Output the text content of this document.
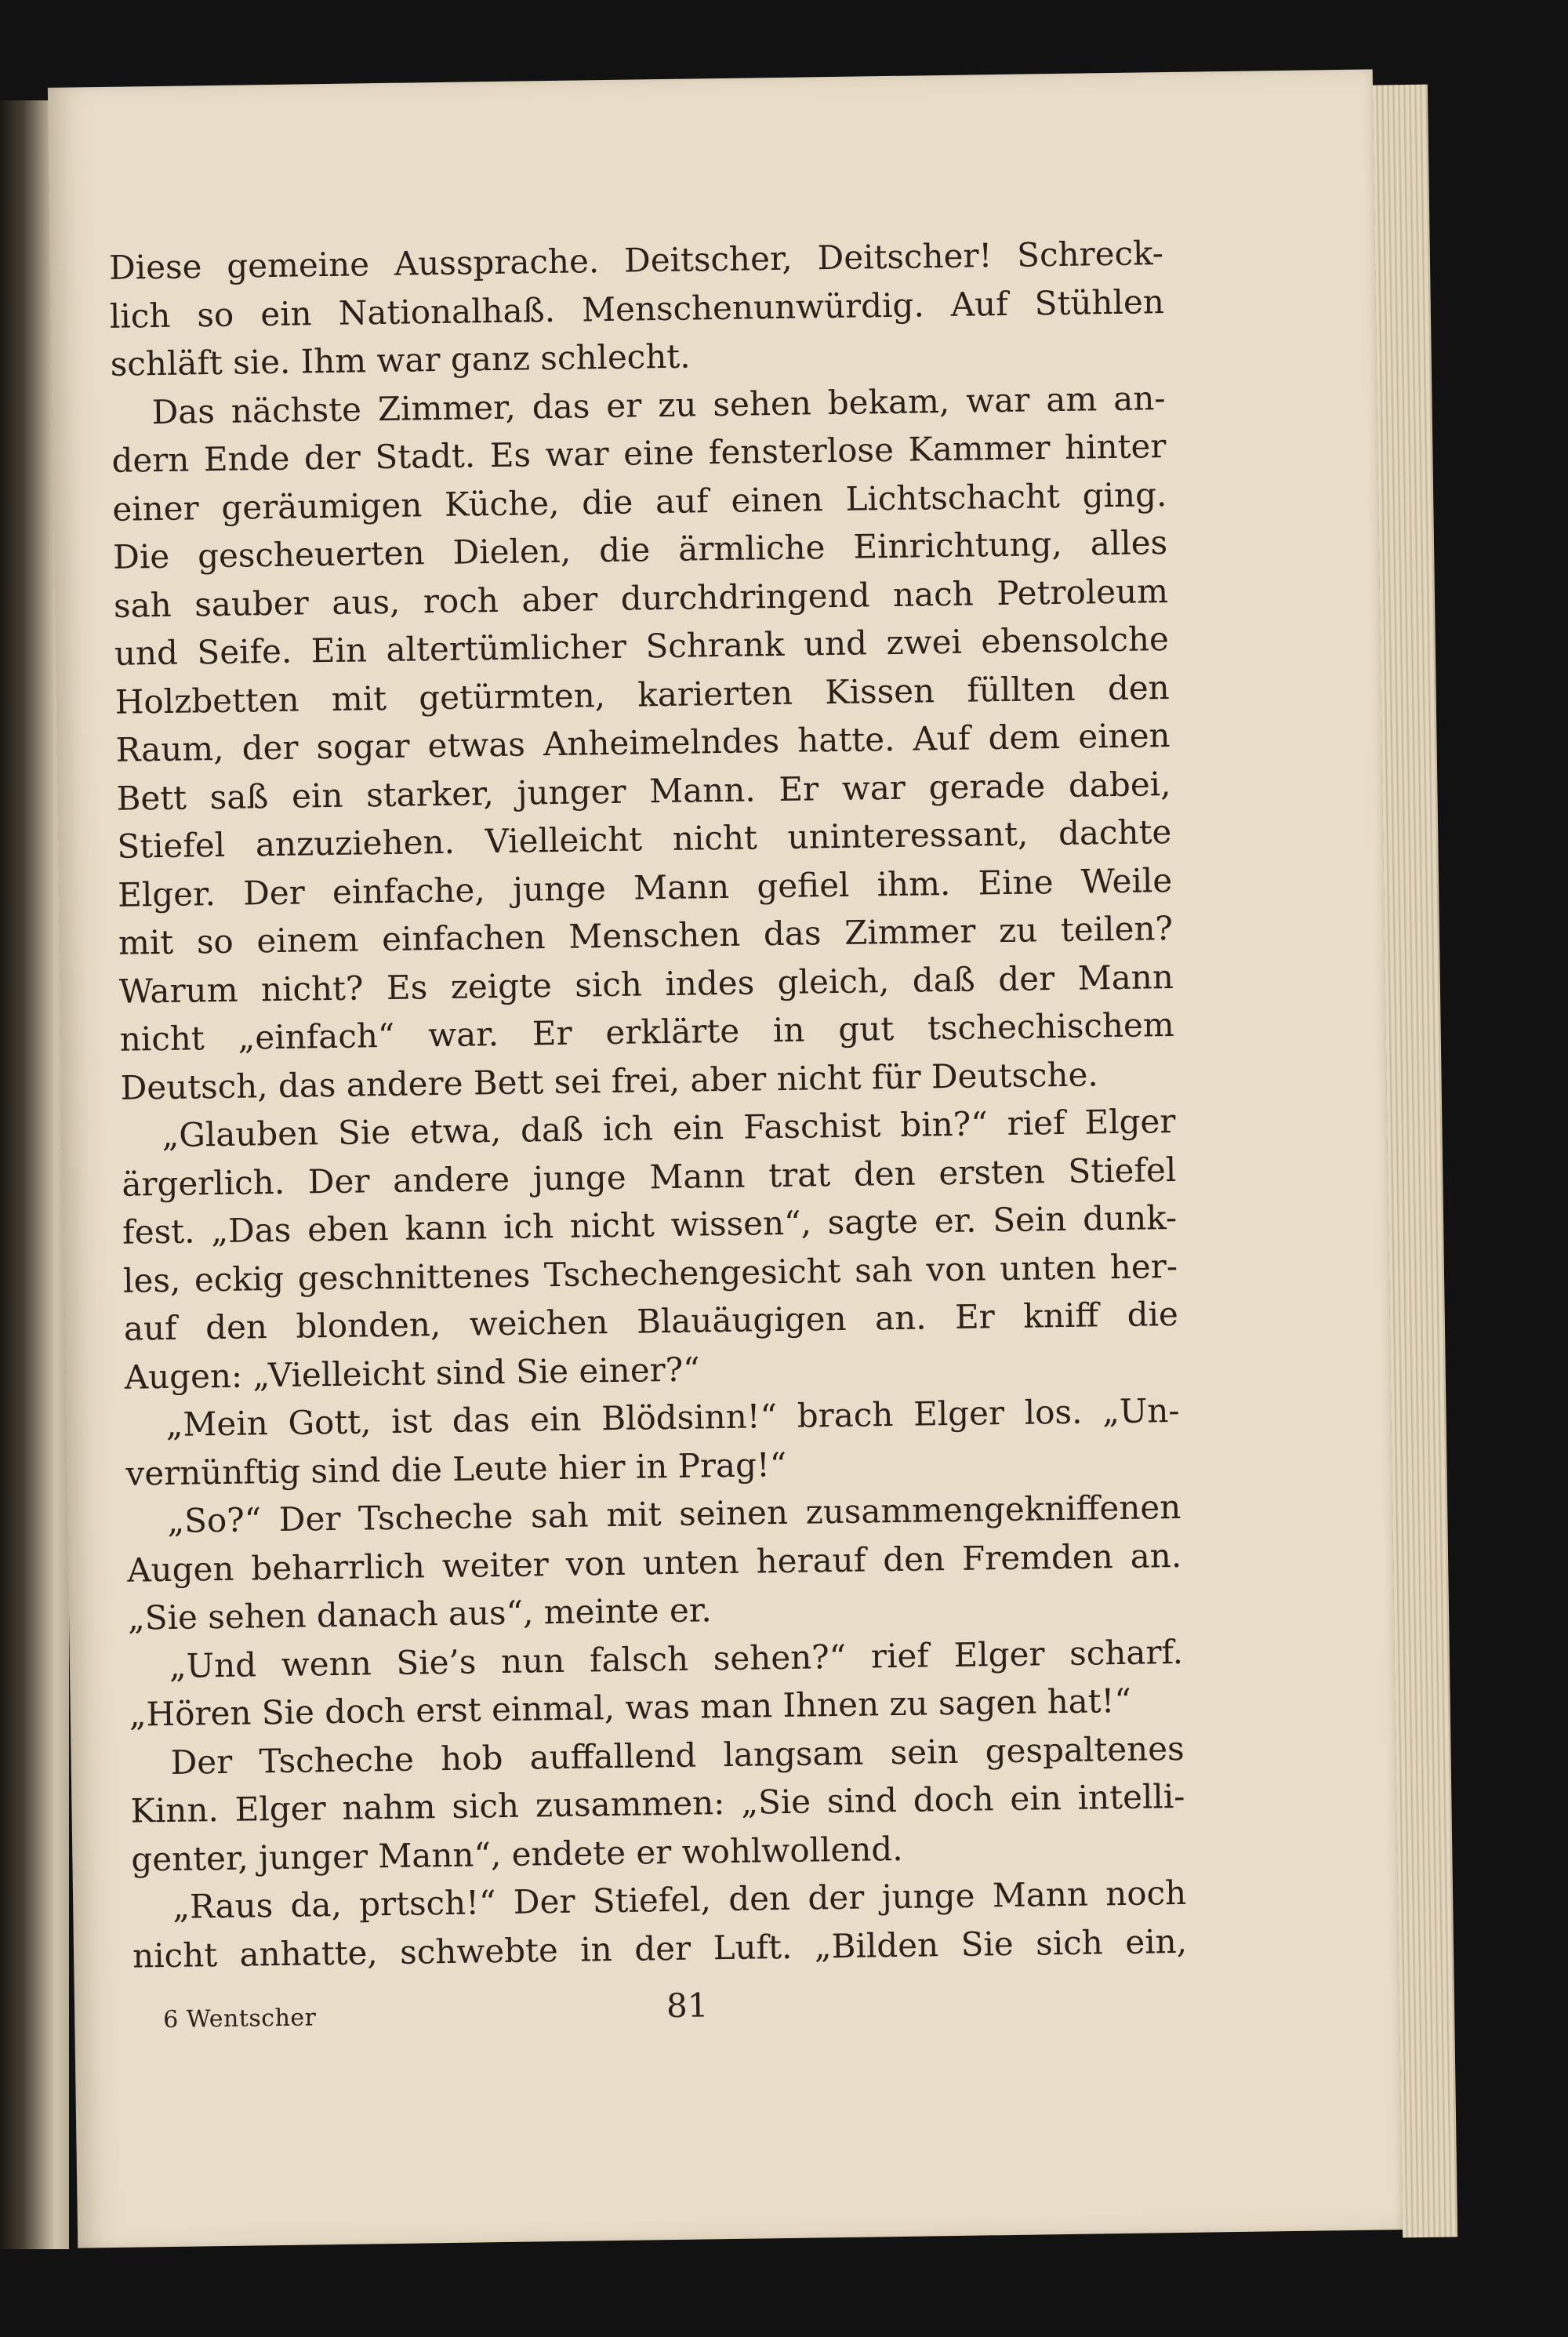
Diese gemeine Aussprache. Deitscher, Deitscher! Schreck-
lich so ein Nationalhaß. Menschenunwürdig. Auf Stühlen
schläft sie. Ihm war ganz schlecht.
Das nächste Zimmer, das er zu sehen bekam, war am an-
dern Ende der Stadt. Es war eine fensterlose Kammer hinter
einer geräumigen Küche, die auf einen Lichtschacht ging.
Die gescheuerten Dielen, die ärmliche Einrichtung, alles
sah sauber aus, roch aber durchdringend nach Petroleum
und Seife. Ein altertümlicher Schrank und zwei ebensolche
Holzbetten mit getürmten, karierten Kissen füllten den
Raum, der sogar etwas Anheimelndes hatte. Auf dem einen
Bett saß ein starker, junger Mann. Er war gerade dabei,
Stiefel anzuziehen. Vielleicht nicht uninteressant, dachte
Elger. Der einfache, junge Mann gefiel ihm. Eine Weile
mit so einem einfachen Menschen das Zimmer zu teilen?
Warum nicht? Es zeigte sich indes gleich, daß der Mann
nicht „einfach“ war. Er erklärte in gut tschechischem
Deutsch, das andere Bett sei frei, aber nicht für Deutsche.
„Glauben Sie etwa, daß ich ein Faschist bin?“ rief Elger
ärgerlich. Der andere junge Mann trat den ersten Stiefel
fest. „Das eben kann ich nicht wissen“, sagte er. Sein dunk-
les, eckig geschnittenes Tschechengesicht sah von unten her-
auf den blonden, weichen Blauäugigen an. Er kniff die
Augen: „Vielleicht sind Sie einer?“
„Mein Gott, ist das ein Blödsinn!“ brach Elger los. „Un-
vernünftig sind die Leute hier in Prag!“
„So?“ Der Tscheche sah mit seinen zusammengekniffenen
Augen beharrlich weiter von unten herauf den Fremden an.
„Sie sehen danach aus“, meinte er.
„Und wenn Sie’s nun falsch sehen?“ rief Elger scharf.
„Hören Sie doch erst einmal, was man Ihnen zu sagen hat!“
Der Tscheche hob auffallend langsam sein gespaltenes
Kinn. Elger nahm sich zusammen: „Sie sind doch ein intelli-
genter, junger Mann“, endete er wohlwollend.
„Raus da, prtsch!“ Der Stiefel, den der junge Mann noch
nicht anhatte, schwebte in der Luft. „Bilden Sie sich ein,
6 Wentscher	81
